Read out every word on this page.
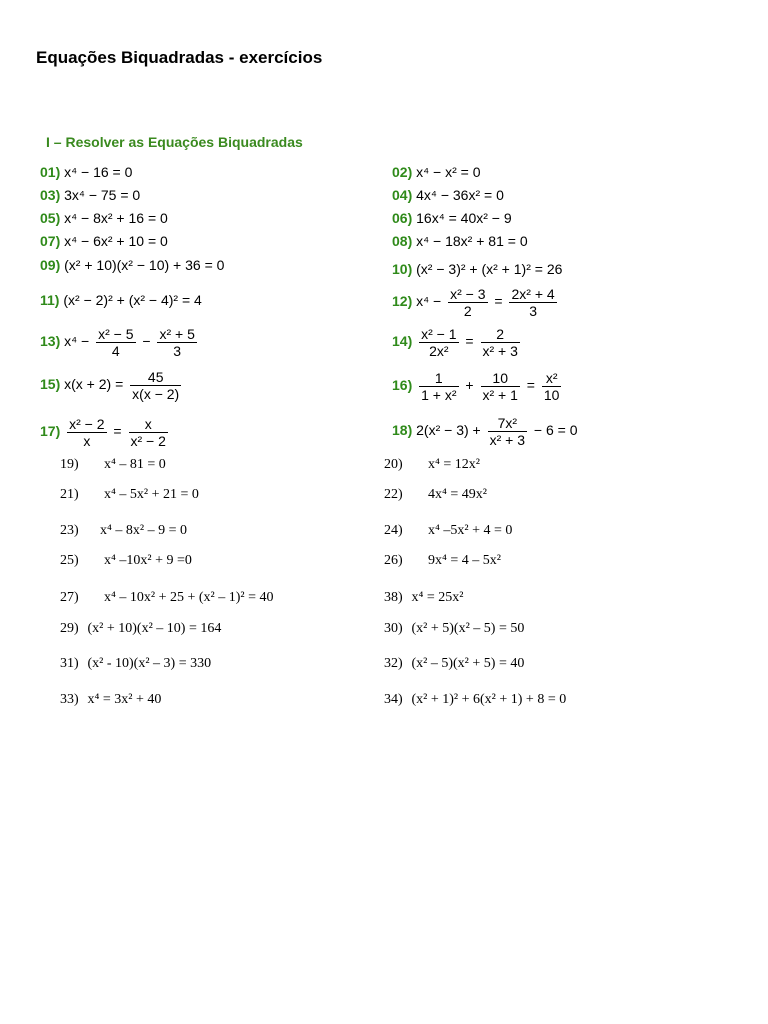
Equações Biquadradas - exercícios
I – Resolver as Equações Biquadradas
01) x⁴ − 16 = 0
03) 3x⁴ − 75 = 0
05) x⁴ − 8x² + 16 = 0
07) x⁴ − 6x² + 10 = 0
09) (x² + 10)(x² − 10) + 36 = 0
11) (x² − 2)² + (x² − 4)² = 4
13) $x^4 - \frac{\text{x² − 5}}{4} - \frac{\text{x² + 5}}{3}$
15) $x(x + 2) = \frac{45}{x(x - 2)}$
$17) \frac{\text{x² − 2}}{x} = \frac{x}{\text{x² − 2}}$
02) x⁴ − x² = 0
04) 4x⁴ − 36x² = 0
06) 16x⁴ = 40x² − 9
08) x⁴ − 18x² + 81 = 0
10) (x² − 3)² + (x² + 1)² = 26
12) $x^4 - \frac{\text{x² − 3}}{2} = \frac{\text{2x² + 4}}{3}$
$14) \frac{\text{x² − 1}}{\text{2x²}} = \frac{2}{\text{x² + 3}}$
$16) \frac{1}{\text{1 + x²}} + \frac{10}{\text{x² + 1}} = \frac{\text{x²}}{10}$
18) $2(x^2 - 3) + \frac{\text{7x²}}{\text{x² + 3}} - 6 = 0$
19) x⁴ – 81 = 0
21) x⁴ – 5x² + 21 = 0
23) x⁴ – 8x² – 9 = 0
25) x⁴ –10x² + 9 =0
27) x⁴ – 10x² + 25 + (x² – 1)² = 40
29) (x² + 10)(x² – 10) = 164
31) (x² - 10)(x² – 3) = 330
33) x⁴ = 3x² + 40
20) x⁴ = 12x²
22) 4x⁴ = 49x²
24) x⁴ –5x² + 4 = 0
26) 9x⁴ = 4 – 5x²
38) x⁴ = 25x²
30) (x² + 5)(x² – 5) = 50
32) (x² – 5)(x² + 5) = 40
34) (x² + 1)² + 6(x² + 1) + 8 = 0
